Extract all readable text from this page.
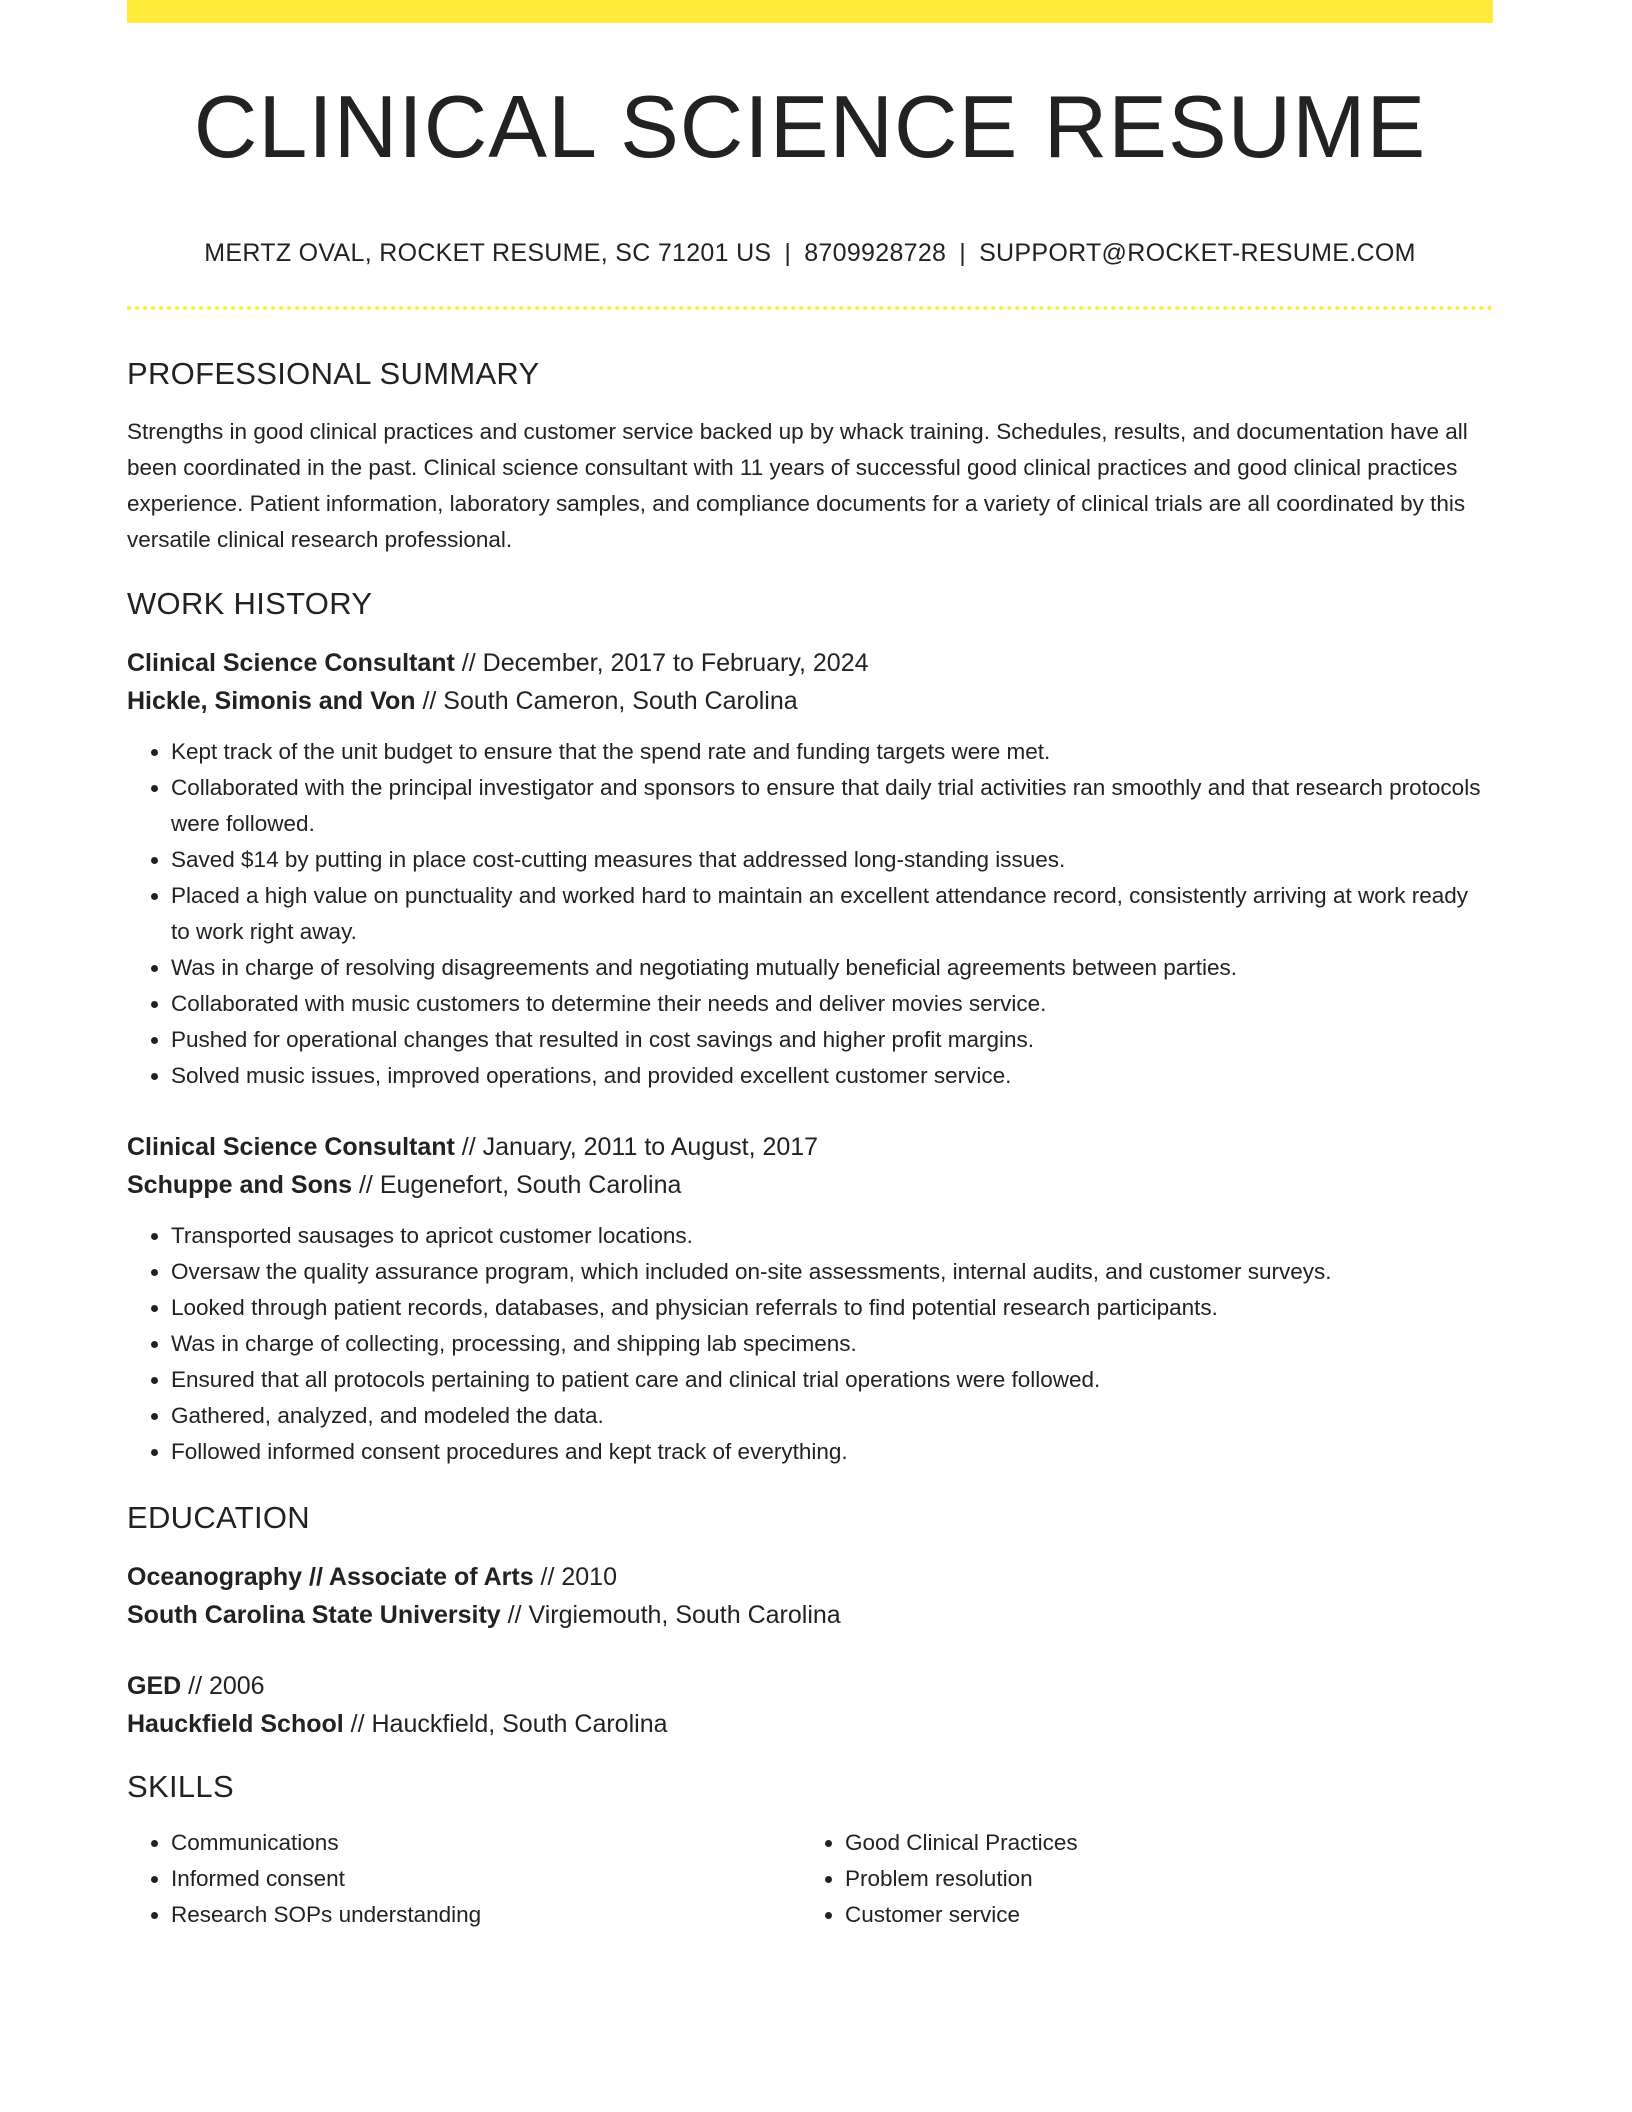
CLINICAL SCIENCE RESUME
MERTZ OVAL, ROCKET RESUME, SC 71201 US | 8709928728 | SUPPORT@ROCKET-RESUME.COM
PROFESSIONAL SUMMARY
Strengths in good clinical practices and customer service backed up by whack training. Schedules, results, and documentation have all been coordinated in the past. Clinical science consultant with 11 years of successful good clinical practices and good clinical practices experience. Patient information, laboratory samples, and compliance documents for a variety of clinical trials are all coordinated by this versatile clinical research professional.
WORK HISTORY
Clinical Science Consultant // December, 2017 to February, 2024
Hickle, Simonis and Von // South Cameron, South Carolina
• Kept track of the unit budget to ensure that the spend rate and funding targets were met.
• Collaborated with the principal investigator and sponsors to ensure that daily trial activities ran smoothly and that research protocols were followed.
• Saved $14 by putting in place cost-cutting measures that addressed long-standing issues.
• Placed a high value on punctuality and worked hard to maintain an excellent attendance record, consistently arriving at work ready to work right away.
• Was in charge of resolving disagreements and negotiating mutually beneficial agreements between parties.
• Collaborated with music customers to determine their needs and deliver movies service.
• Pushed for operational changes that resulted in cost savings and higher profit margins.
• Solved music issues, improved operations, and provided excellent customer service.
Clinical Science Consultant // January, 2011 to August, 2017
Schuppe and Sons // Eugenefort, South Carolina
• Transported sausages to apricot customer locations.
• Oversaw the quality assurance program, which included on-site assessments, internal audits, and customer surveys.
• Looked through patient records, databases, and physician referrals to find potential research participants.
• Was in charge of collecting, processing, and shipping lab specimens.
• Ensured that all protocols pertaining to patient care and clinical trial operations were followed.
• Gathered, analyzed, and modeled the data.
• Followed informed consent procedures and kept track of everything.
EDUCATION
Oceanography // Associate of Arts // 2010
South Carolina State University // Virgiemouth, South Carolina
GED // 2006
Hauckfield School // Hauckfield, South Carolina
SKILLS
• Communications
• Informed consent
• Research SOPs understanding
• Good Clinical Practices
• Problem resolution
• Customer service
